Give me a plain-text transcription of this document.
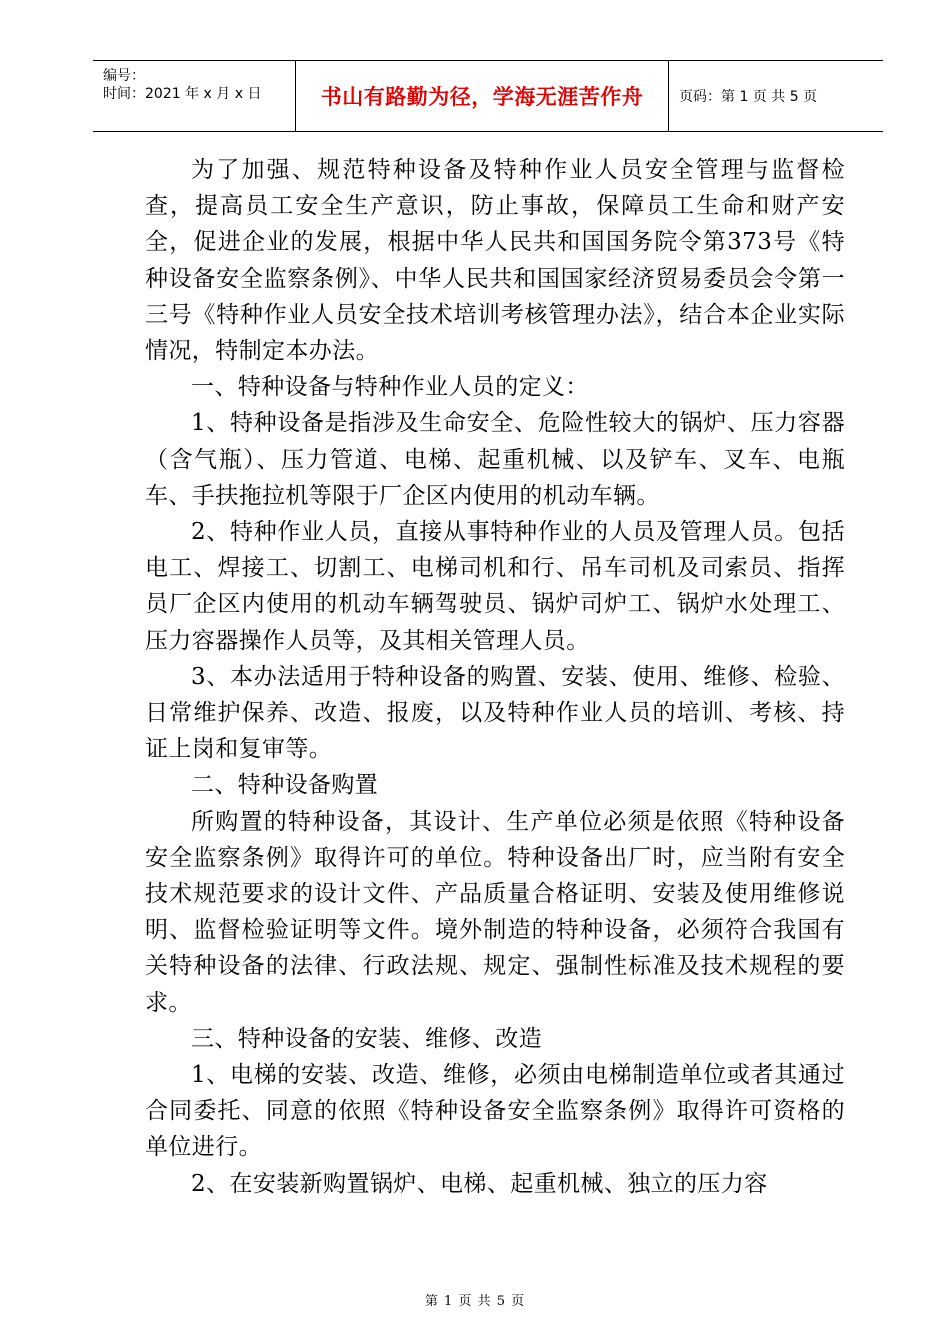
编号：
时间：2021 年 x 月 x 日	书山有路勤为径，学海无涯苦作舟	页码：第 1 页 共 5 页

为了加强、规范特种设备及特种作业人员安全管理与监督检查，提高员工安全生产意识，防止事故，保障员工生命和财产安全，促进企业的发展，根据中华人民共和国国务院令第373号《特种设备安全监察条例》、中华人民共和国国家经济贸易委员会令第一三号《特种作业人员安全技术培训考核管理办法》，结合本企业实际情况，特制定本办法。

一、特种设备与特种作业人员的定义：

1、特种设备是指涉及生命安全、危险性较大的锅炉、压力容器（含气瓶）、压力管道、电梯、起重机械、以及铲车、叉车、电瓶车、手扶拖拉机等限于厂企区内使用的机动车辆。

2、特种作业人员，直接从事特种作业的人员及管理人员。包括电工、焊接工、切割工、电梯司机和行、吊车司机及司索员、指挥员厂企区内使用的机动车辆驾驶员、锅炉司炉工、锅炉水处理工、压力容器操作人员等，及其相关管理人员。

3、本办法适用于特种设备的购置、安装、使用、维修、检验、日常维护保养、改造、报废，以及特种作业人员的培训、考核、持证上岗和复审等。

二、特种设备购置

所购置的特种设备，其设计、生产单位必须是依照《特种设备安全监察条例》取得许可的单位。特种设备出厂时，应当附有安全技术规范要求的设计文件、产品质量合格证明、安装及使用维修说明、监督检验证明等文件。境外制造的特种设备，必须符合我国有关特种设备的法律、行政法规、规定、强制性标准及技术规程的要求。

三、特种设备的安装、维修、改造

1、电梯的安装、改造、维修，必须由电梯制造单位或者其通过合同委托、同意的依照《特种设备安全监察条例》取得许可资格的单位进行。

2、在安装新购置锅炉、电梯、起重机械、独立的压力容

第 1 页 共 5 页
